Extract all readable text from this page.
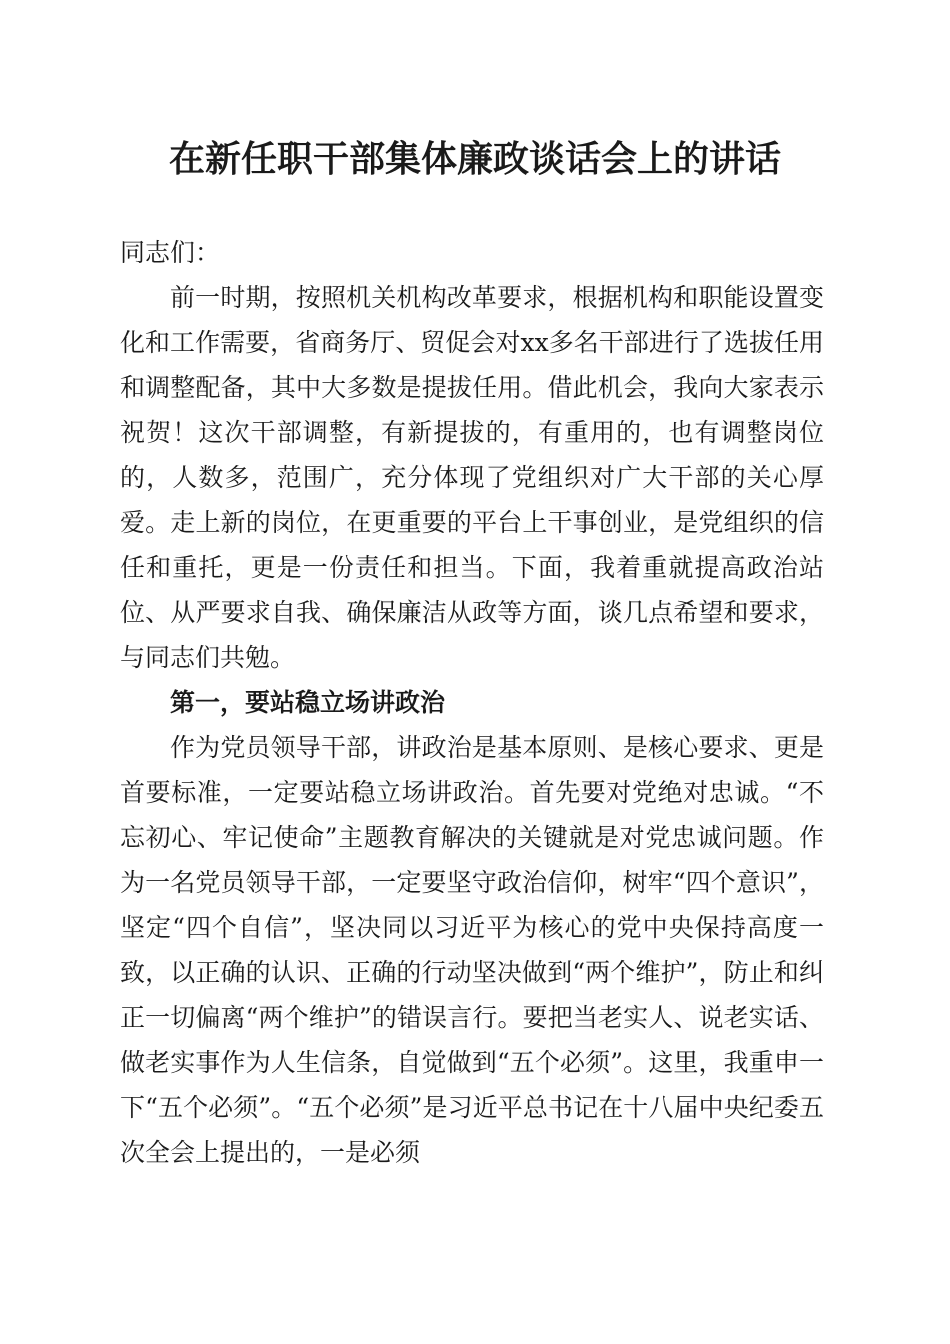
在新任职干部集体廉政谈话会上的讲话

同志们：

前一时期，按照机关机构改革要求，根据机构和职能设置变化和工作需要，省商务厅、贸促会对xx多名干部进行了选拔任用和调整配备，其中大多数是提拔任用。借此机会，我向大家表示祝贺！这次干部调整，有新提拔的，有重用的，也有调整岗位的，人数多，范围广，充分体现了党组织对广大干部的关心厚爱。走上新的岗位，在更重要的平台上干事创业，是党组织的信任和重托，更是一份责任和担当。下面，我着重就提高政治站位、从严要求自我、确保廉洁从政等方面，谈几点希望和要求，与同志们共勉。

第一，要站稳立场讲政治

作为党员领导干部，讲政治是基本原则、是核心要求、更是首要标准，一定要站稳立场讲政治。首先要对党绝对忠诚。“不忘初心、牢记使命”主题教育解决的关键就是对党忠诚问题。作为一名党员领导干部，一定要坚守政治信仰，树牢“四个意识”，坚定“四个自信”，坚决同以习近平为核心的党中央保持高度一致，以正确的认识、正确的行动坚决做到“两个维护”，防止和纠正一切偏离“两个维护”的错误言行。要把当老实人、说老实话、做老实事作为人生信条，自觉做到“五个必须”。这里，我重申一下“五个必须”。“五个必须”是习近平总书记在十八届中央纪委五次全会上提出的，一是必须
